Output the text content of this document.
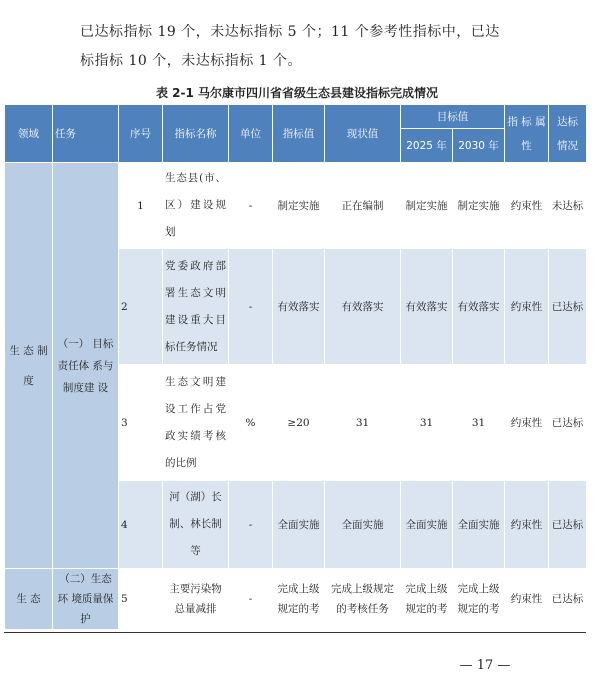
已达标指标 19 个，未达标指标 5 个；11 个参考性指标中，已达
标指标 10 个，未达标指标 1 个。
表 2-1 马尔康市四川省省级生态县建设指标完成情况
领域	任务	序号	指标名称	单位	指标值	现状值	目标值		指 标 属 性	达标 情况
							2025 年	2030 年		
生 态 制 度	（一） 目标责任体 系与制度建 设	1	生态县(市、区）建设规划	-	制定实施	正在编制	制定实施	制定实施	约束性	未达标
		2	党委政府部署生态文明建设重大目标任务情况	-	有效落实	有效落实	有效落实	有效落实	约束性	已达标
		3	生态文明建设工作占党政实绩考核的比例	%	≥20	31	31	31	约束性	已达标
		4	河（湖）长制、林长制等	-	全面实施	全面实施	全面实施	全面实施	约束性	已达标
生 态	（二）生态环 境质量保护	5	主要污染物总量减排	-	完成上级规定的考	完成上级规定的考核任务	完成上级规定的考	完成上级规定的考	约束性	已达标
— 17 —
